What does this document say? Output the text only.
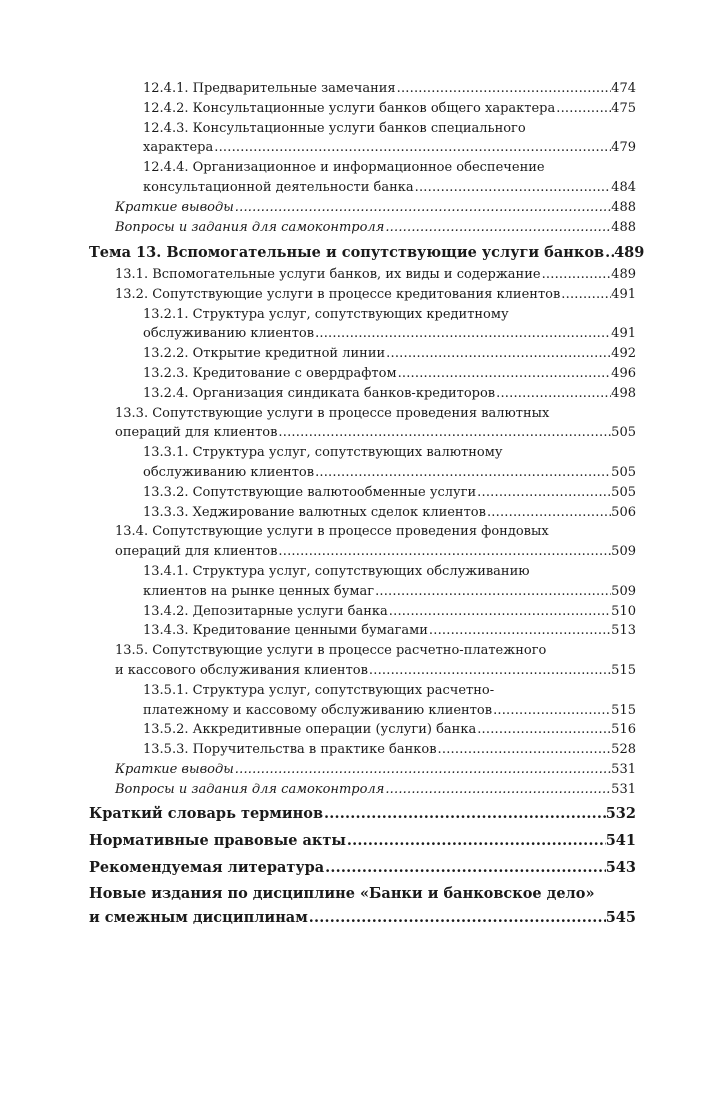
12.4.1. Предварительные замечания .....	474
12.4.2. Консультационные услуги банков общего характера .....	475
12.4.3. Консультационные услуги банков специального
характера .....	479
12.4.4. Организационное и информационное обеспечение
консультационной деятельности банка .....	484
Краткие выводы .....	488
Вопросы и задания для самоконтроля .....	488
Тема 13. Вспомогательные и сопутствующие услуги банков ..... 489
13.1. Вспомогательные услуги банков, их виды и содержание .....	489
13.2. Сопутствующие услуги в процессе кредитования клиентов .....	491
13.2.1. Структура услуг, сопутствующих кредитному
обслуживанию клиентов .....	491
13.2.2. Открытие кредитной линии .....	492
13.2.3. Кредитование с овердрафтом .....	496
13.2.4. Организация синдиката банков-кредиторов .....	498
13.3. Сопутствующие услуги в процессе проведения валютных
операций для клиентов .....	505
13.3.1. Структура услуг, сопутствующих валютному
обслуживанию клиентов .....	505
13.3.2. Сопутствующие валютообменные услуги .....	505
13.3.3. Хеджирование валютных сделок клиентов .....	506
13.4. Сопутствующие услуги в процессе проведения фондовых
операций для клиентов .....	509
13.4.1. Структура услуг, сопутствующих обслуживанию
клиентов на рынке ценных бумаг .....	509
13.4.2. Депозитарные услуги банка .....	510
13.4.3. Кредитование ценными бумагами .....	513
13.5. Сопутствующие услуги в процессе расчетно-платежного
и кассового обслуживания клиентов .....	515
13.5.1. Структура услуг, сопутствующих расчетно-
платежному и кассовому обслуживанию клиентов .....	515
13.5.2. Аккредитивные операции (услуги) банка .....	516
13.5.3. Поручительства в практике банков .....	528
Краткие выводы .....	531
Вопросы и задания для самоконтроля .....	531
Краткий словарь терминов .....	532
Нормативные правовые акты .....	541
Рекомендуемая литература .....	543
Новые издания по дисциплине «Банки и банковское дело»
и смежным дисциплинам .....	545
